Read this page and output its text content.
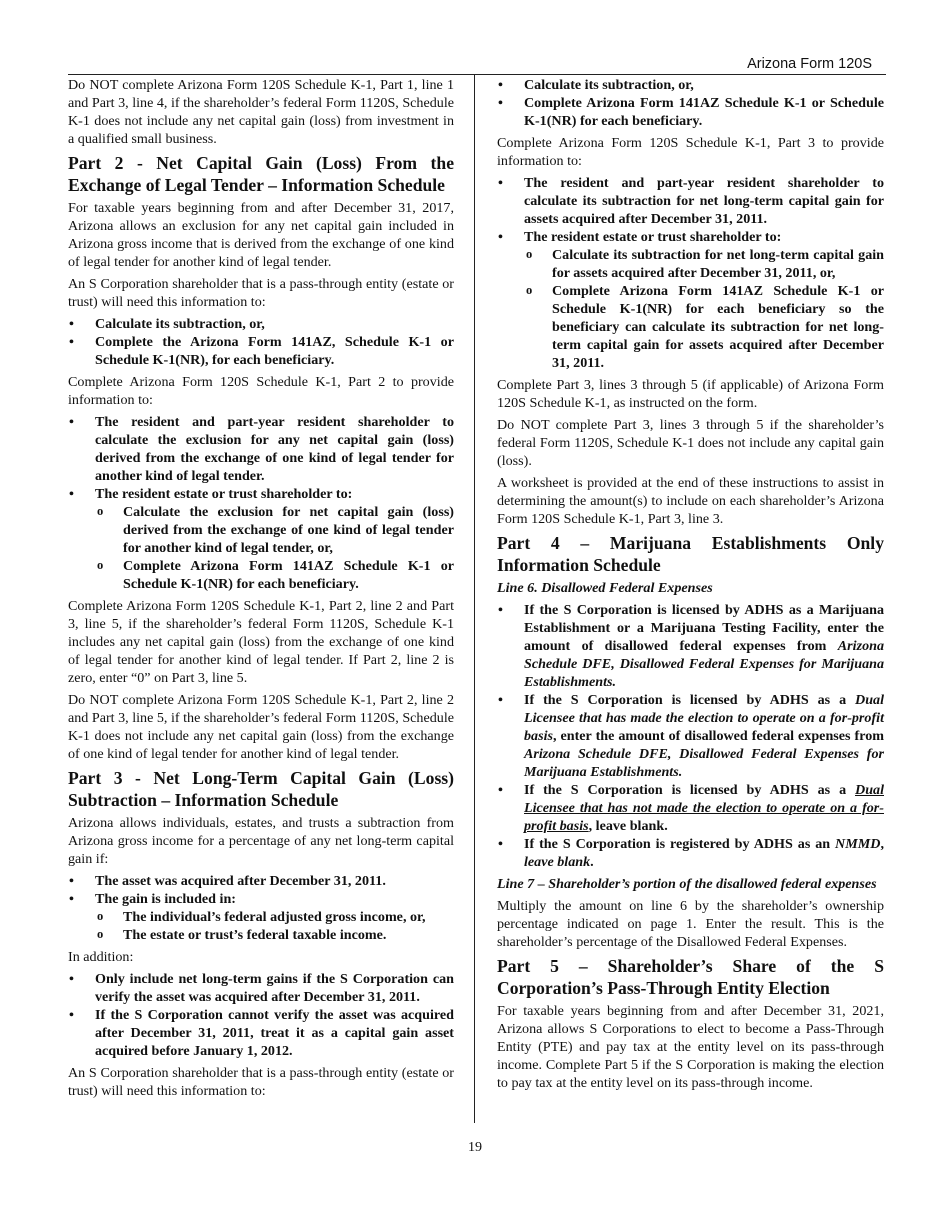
Arizona Form 120S

Do NOT complete Arizona Form 120S Schedule K-1, Part 1, line 1 and Part 3, line 4, if the shareholder’s federal Form 1120S, Schedule K-1 does not include any net capital gain (loss) from investment in a qualified small business.

Part 2 - Net Capital Gain (Loss) From the Exchange of Legal Tender – Information Schedule

For taxable years beginning from and after December 31, 2017, Arizona allows an exclusion for any net capital gain included in Arizona gross income that is derived from the exchange of one kind of legal tender for another kind of legal tender.

An S Corporation shareholder that is a pass-through entity (estate or trust) will need this information to:

• Calculate its subtraction, or,
• Complete the Arizona Form 141AZ, Schedule K-1 or Schedule K-1(NR), for each beneficiary.

Complete Arizona Form 120S Schedule K-1, Part 2 to provide information to:

• The resident and part-year resident shareholder to calculate the exclusion for any net capital gain (loss) derived from the exchange of one kind of legal tender for another kind of legal tender.
• The resident estate or trust shareholder to:
o Calculate the exclusion for net capital gain (loss) derived from the exchange of one kind of legal tender for another kind of legal tender, or,
o Complete Arizona Form 141AZ Schedule K-1 or Schedule K-1(NR) for each beneficiary.

Complete Arizona Form 120S Schedule K-1, Part 2, line 2 and Part 3, line 5, if the shareholder’s federal Form 1120S, Schedule K-1 includes any net capital gain (loss) from the exchange of one kind of legal tender for another kind of legal tender. If Part 2, line 2 is zero, enter “0” on Part 3, line 5.

Do NOT complete Arizona Form 120S Schedule K-1, Part 2, line 2 and Part 3, line 5, if the shareholder’s federal Form 1120S, Schedule K-1 does not include any net capital gain (loss) from the exchange of one kind of legal tender for another kind of legal tender.

Part 3 - Net Long-Term Capital Gain (Loss) Subtraction – Information Schedule

Arizona allows individuals, estates, and trusts a subtraction from Arizona gross income for a percentage of any net long-term capital gain if:

• The asset was acquired after December 31, 2011.
• The gain is included in:
o The individual’s federal adjusted gross income, or,
o The estate or trust’s federal taxable income.

In addition:

• Only include net long-term gains if the S Corporation can verify the asset was acquired after December 31, 2011.
• If the S Corporation cannot verify the asset was acquired after December 31, 2011, treat it as a capital gain asset acquired before January 1, 2012.

An S Corporation shareholder that is a pass-through entity (estate or trust) will need this information to:

• Calculate its subtraction, or,
• Complete Arizona Form 141AZ Schedule K-1 or Schedule K-1(NR) for each beneficiary.

Complete Arizona Form 120S Schedule K-1, Part 3 to provide information to:

• The resident and part-year resident shareholder to calculate its subtraction for net long-term capital gain for assets acquired after December 31, 2011.
• The resident estate or trust shareholder to:
o Calculate its subtraction for net long-term capital gain for assets acquired after December 31, 2011, or,
o Complete Arizona Form 141AZ Schedule K-1 or Schedule K-1(NR) for each beneficiary so the beneficiary can calculate its subtraction for net long-term capital gain for assets acquired after December 31, 2011.

Complete Part 3, lines 3 through 5 (if applicable) of Arizona Form 120S Schedule K-1, as instructed on the form.

Do NOT complete Part 3, lines 3 through 5 if the shareholder’s federal Form 1120S, Schedule K-1 does not include any capital gain (loss).

A worksheet is provided at the end of these instructions to assist in determining the amount(s) to include on each shareholder’s Arizona Form 120S Schedule K-1, Part 3, line 3.

Part 4 – Marijuana Establishments Only Information Schedule

Line 6. Disallowed Federal Expenses

• If the S Corporation is licensed by ADHS as a Marijuana Establishment or a Marijuana Testing Facility, enter the amount of disallowed federal expenses from Arizona Schedule DFE, Disallowed Federal Expenses for Marijuana Establishments.
• If the S Corporation is licensed by ADHS as a Dual Licensee that has made the election to operate on a for-profit basis, enter the amount of disallowed federal expenses from Arizona Schedule DFE, Disallowed Federal Expenses for Marijuana Establishments.
• If the S Corporation is licensed by ADHS as a Dual Licensee that has not made the election to operate on a for-profit basis, leave blank.
• If the S Corporation is registered by ADHS as an NMMD, leave blank.

Line 7 – Shareholder’s portion of the disallowed federal expenses

Multiply the amount on line 6 by the shareholder’s ownership percentage indicated on page 1. Enter the result. This is the shareholder’s percentage of the Disallowed Federal Expenses.

Part 5 – Shareholder’s Share of the S Corporation’s Pass-Through Entity Election

For taxable years beginning from and after December 31, 2021, Arizona allows S Corporations to elect to become a Pass-Through Entity (PTE) and pay tax at the entity level on its pass-through income. Complete Part 5 if the S Corporation is making the election to pay tax at the entity level on its pass-through income.

19
